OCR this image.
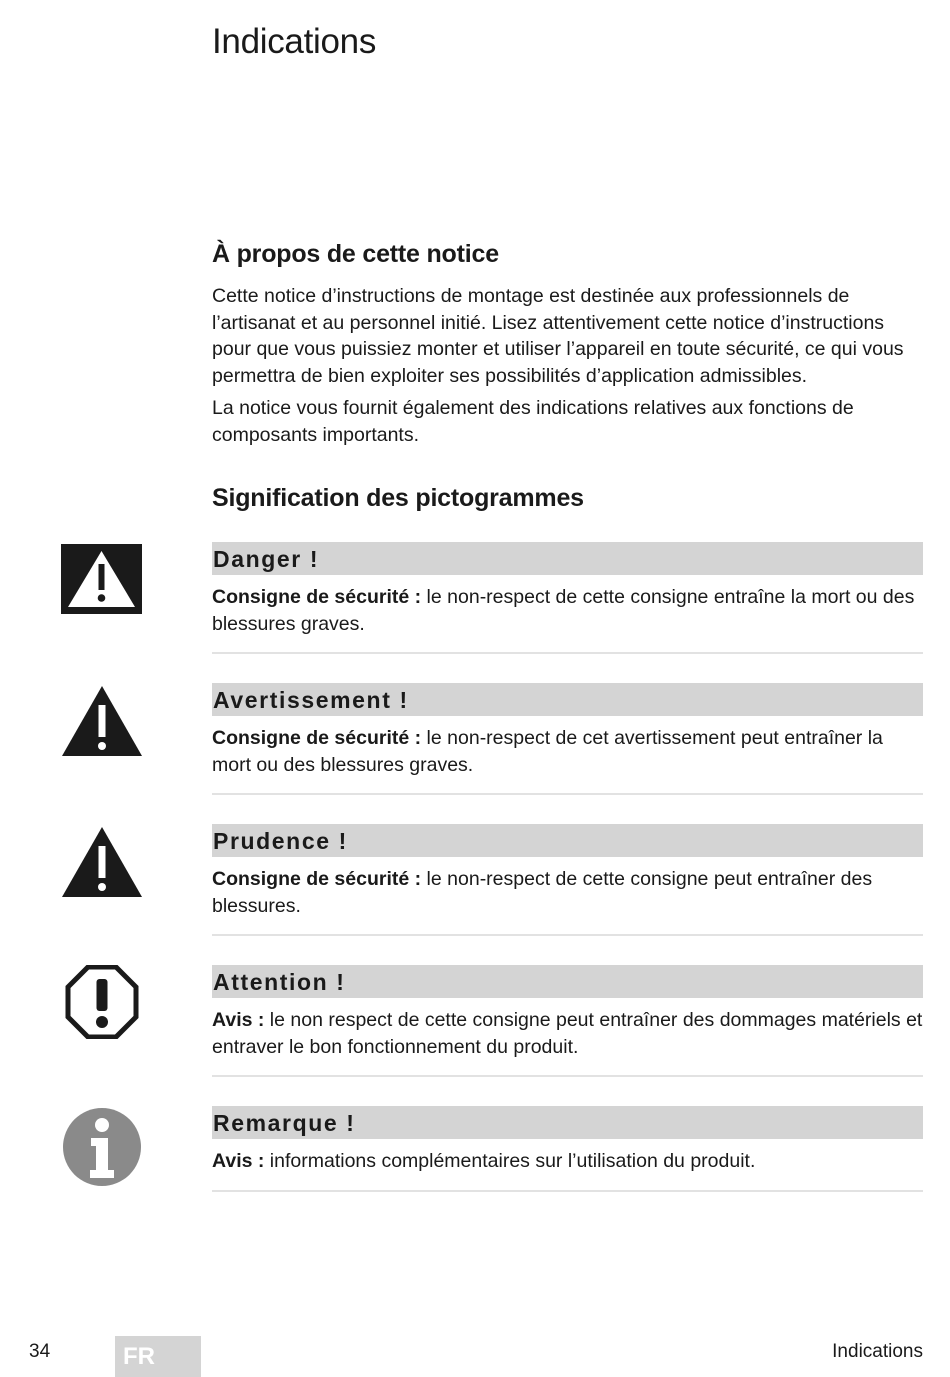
Indications
À propos de cette notice

Cette notice d’instructions de montage est destinée aux professionnels de l’artisanat et au personnel initié. Lisez attentivement cette notice d’instructions pour que vous puissiez monter et utiliser l’appareil en toute sécurité, ce qui vous permettra de bien exploiter ses possibilités d’application admissibles.

La notice vous fournit également des indications relatives aux fonctions de composants importants.

Signification des pictogrammes
Danger !
Consigne de sécurité : le non-respect de cette consigne entraîne la mort ou des blessures graves.
Avertissement !
Consigne de sécurité : le non-respect de cet avertissement peut entraîner la mort ou des blessures graves.
Prudence !
Consigne de sécurité : le non-respect de cette consigne peut entraîner des blessures.
Attention !
Avis : le non respect de cette consigne peut entraîner des dommages matériels et entraver le bon fonctionnement du produit.
Remarque !
Avis : informations complémentaires sur l’utilisation du produit.
34	FR	Indications
